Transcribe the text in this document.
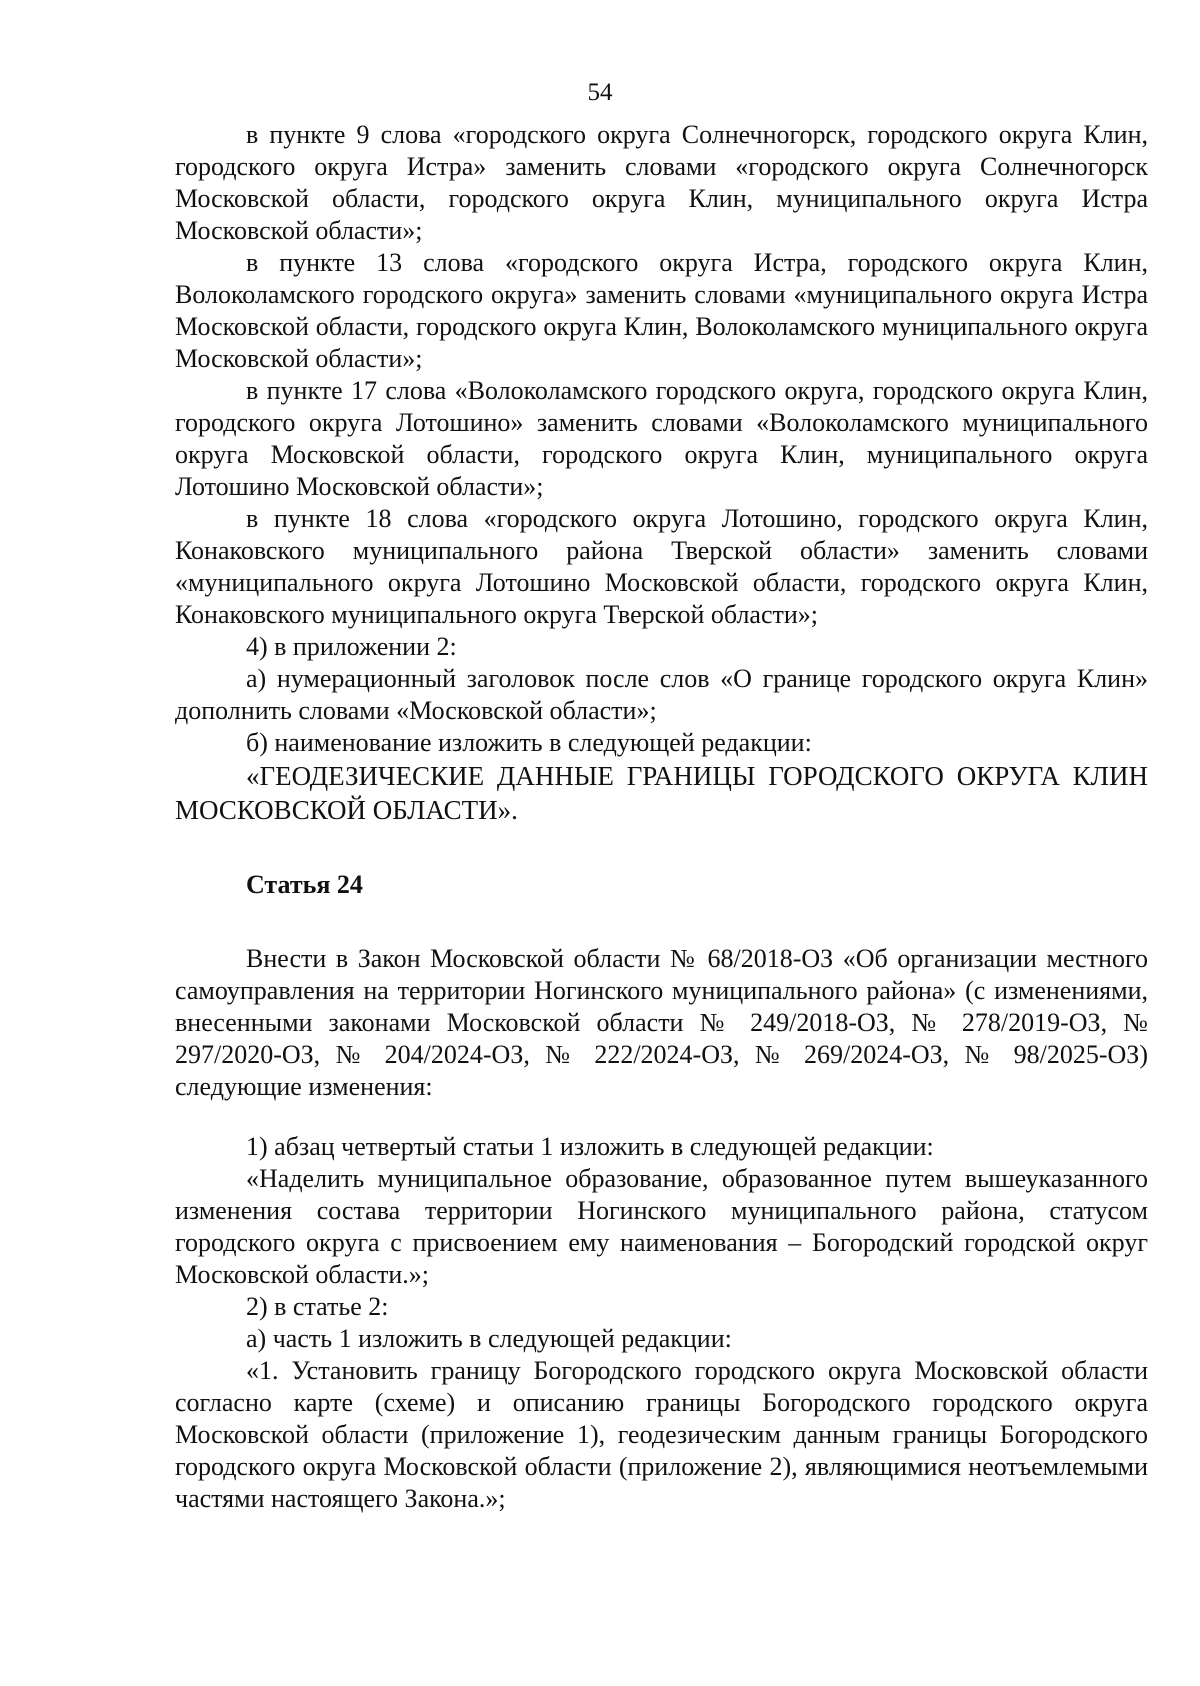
54

в пункте 9 слова «городского округа Солнечногорск, городского округа Клин, городского округа Истра» заменить словами «городского округа Солнечногорск Московской области, городского округа Клин, муниципального округа Истра Московской области»;

в пункте 13 слова «городского округа Истра, городского округа Клин, Волоколамского городского округа» заменить словами «муниципального округа Истра Московской области, городского округа Клин, Волоколамского муниципального округа Московской области»;

в пункте 17 слова «Волоколамского городского округа, городского округа Клин, городского округа Лотошино» заменить словами «Волоколамского муниципального округа Московской области, городского округа Клин, муниципального округа Лотошино Московской области»;

в пункте 18 слова «городского округа Лотошино, городского округа Клин, Конаковского муниципального района Тверской области» заменить словами «муниципального округа Лотошино Московской области, городского округа Клин, Конаковского муниципального округа Тверской области»;

4) в приложении 2:

а) нумерационный заголовок после слов «О границе городского округа Клин» дополнить словами «Московской области»;

б) наименование изложить в следующей редакции:

«ГЕОДЕЗИЧЕСКИЕ ДАННЫЕ ГРАНИЦЫ ГОРОДСКОГО ОКРУГА КЛИН МОСКОВСКОЙ ОБЛАСТИ».

Статья 24

Внести в Закон Московской области № 68/2018-ОЗ «Об организации местного самоуправления на территории Ногинского муниципального района» (с изменениями, внесенными законами Московской области № 249/2018-ОЗ, № 278/2019-ОЗ, № 297/2020-ОЗ, № 204/2024-ОЗ, № 222/2024-ОЗ, № 269/2024-ОЗ, № 98/2025-ОЗ) следующие изменения:

1) абзац четвертый статьи 1 изложить в следующей редакции:

«Наделить муниципальное образование, образованное путем вышеуказанного изменения состава территории Ногинского муниципального района, статусом городского округа с присвоением ему наименования – Богородский городской округ Московской области.»;

2) в статье 2:

а) часть 1 изложить в следующей редакции:

«1. Установить границу Богородского городского округа Московской области согласно карте (схеме) и описанию границы Богородского городского округа Московской области (приложение 1), геодезическим данным границы Богородского городского округа Московской области (приложение 2), являющимися неотъемлемыми частями настоящего Закона.»;
